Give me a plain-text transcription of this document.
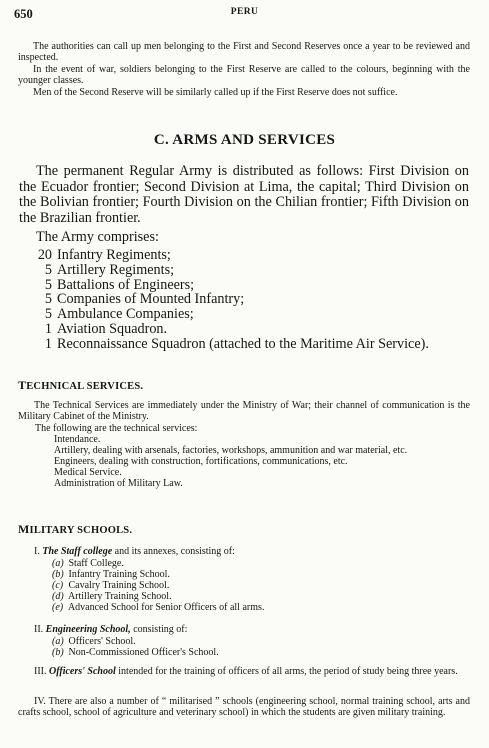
650	PERU

The authorities can call up men belonging to the First and Second Reserves once a year to be reviewed and inspected.

In the event of war, soldiers belonging to the First Reserve are called to the colours, beginning with the younger classes.

Men of the Second Reserve will be similarly called up if the First Reserve does not suffice.

C. ARMS AND SERVICES

The permanent Regular Army is distributed as follows: First Division on the Ecuador frontier; Second Division at Lima, the capital; Third Division on the Bolivian frontier; Fourth Division on the Chilian frontier; Fifth Division on the Brazilian frontier.

The Army comprises:

20 Infantry Regiments;
5 Artillery Regiments;
5 Battalions of Engineers;
5 Companies of Mounted Infantry;
5 Ambulance Companies;
1 Aviation Squadron.
1 Reconnaissance Squadron (attached to the Maritime Air Service).

TECHNICAL SERVICES.

The Technical Services are immediately under the Ministry of War; their channel of communication is the Military Cabinet of the Ministry.

The following are the technical services:

Intendance.
Artillery, dealing with arsenals, factories, workshops, ammunition and war material, etc.
Engineers, dealing with construction, fortifications, communications, etc.
Medical Service.
Administration of Military Law.

MILITARY SCHOOLS.

I. The Staff college and its annexes, consisting of:

(a) Staff College.
(b) Infantry Training School.
(c) Cavalry Training School.
(d) Artillery Training School.
(e) Advanced School for Senior Officers of all arms.

II. Engineering School, consisting of:

(a) Officers' School.
(b) Non-Commissioned Officer's School.

III. Officers' School intended for the training of officers of all arms, the period of study being three years.

IV. There are also a number of “ militarised ” schools (engineering school, normal training school, arts and crafts school, school of agriculture and veterinary school) in which the students are given military training.
